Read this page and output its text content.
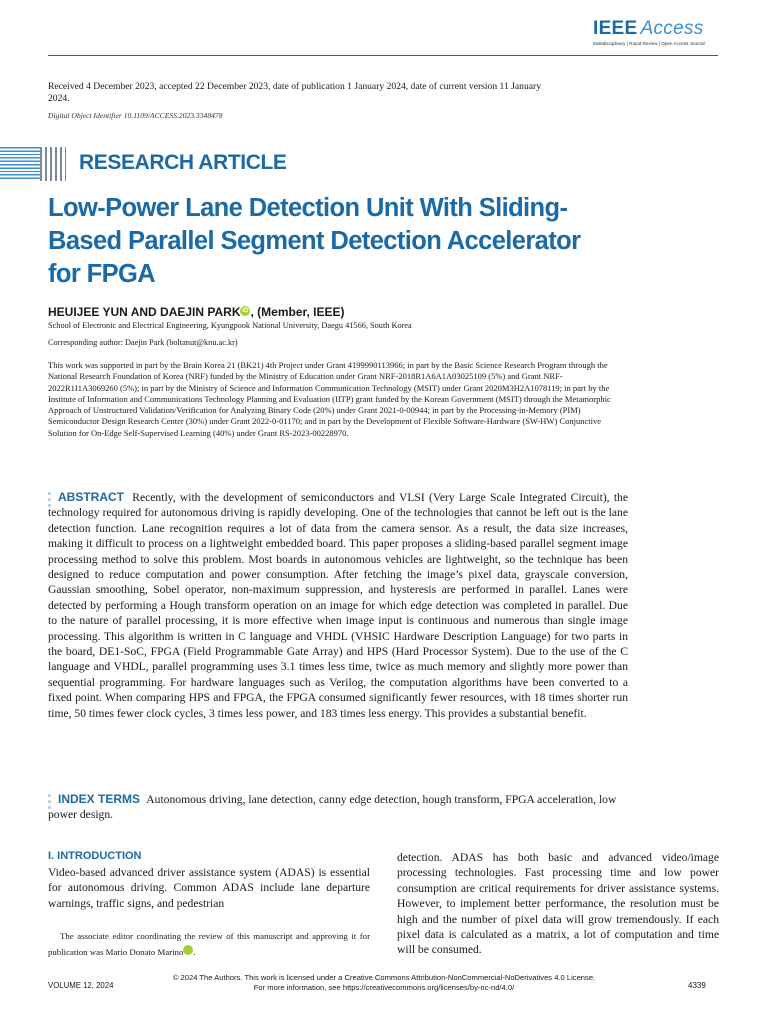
IEEE Access
Multidisciplinary | Rapid Review | Open Access Journal
Received 4 December 2023, accepted 22 December 2023, date of publication 1 January 2024, date of current version 11 January 2024.
Digital Object Identifier 10.1109/ACCESS.2023.3348478
RESEARCH ARTICLE
Low-Power Lane Detection Unit With Sliding-Based Parallel Segment Detection Accelerator for FPGA
HEUIJEE YUN AND DAEJIN PARK iD , (Member, IEEE)
School of Electronic and Electrical Engineering, Kyungpook National University, Daegu 41566, South Korea
Corresponding author: Daejin Park (boltanut@knu.ac.kr)
This work was supported in part by the Brain Korea 21 (BK21) 4th Project under Grant 4199990113966; in part by the Basic Science Research Program through the National Research Foundation of Korea (NRF) funded by the Ministry of Education under Grant NRF-2018R1A6A1A03025109 (5%) and Grant NRF-2022R1I1A3069260 (5%); in part by the Ministry of Science and Information Communication Technology (MSIT) under Grant 2020M3H2A1078119; in part by the Institute of Information and Communications Technology Planning and Evaluation (IITP) grant funded by the Korean Government (MSIT) through the Metamorphic Approach of Unstructured Validation/Verification for Analyzing Binary Code (20%) under Grant 2021-0-00944; in part by the Processing-in-Memory (PIM) Semiconductor Design Research Center (30%) under Grant 2022-0-01170; and in part by the Development of Flexible Software-Hardware (SW-HW) Conjunctive Solution for On-Edge Self-Supervised Learning (40%) under Grant RS-2023-00228970.
ABSTRACT Recently, with the development of semiconductors and VLSI (Very Large Scale Integrated Circuit), the technology required for autonomous driving is rapidly developing. One of the technologies that cannot be left out is the lane detection function. Lane recognition requires a lot of data from the camera sensor. As a result, the data size increases, making it difficult to process on a lightweight embedded board. This paper proposes a sliding-based parallel segment image processing method to solve this problem. Most boards in autonomous vehicles are lightweight, so the technique has been designed to reduce computation and power consumption. After fetching the image’s pixel data, grayscale conversion, Gaussian smoothing, Sobel operator, non-maximum suppression, and hysteresis are performed in parallel. Lanes were detected by performing a Hough transform operation on an image for which edge detection was completed in parallel. Due to the nature of parallel processing, it is more effective when image input is continuous and numerous than single image processing. This algorithm is written in C language and VHDL (VHSIC Hardware Description Language) for two parts in the board, DE1-SoC, FPGA (Field Programmable Gate Array) and HPS (Hard Processor System). Due to the use of the C language and VHDL, parallel programming uses 3.1 times less time, twice as much memory and slightly more power than sequential programming. For hardware languages such as Verilog, the computation algorithms have been converted to a fixed point. When comparing HPS and FPGA, the FPGA consumed significantly fewer resources, with 18 times shorter run time, 50 times fewer clock cycles, 3 times less power, and 183 times less energy. This provides a substantial benefit.
INDEX TERMS Autonomous driving, lane detection, canny edge detection, hough transform, FPGA acceleration, low power design.
I. INTRODUCTION
Video-based advanced driver assistance system (ADAS) is essential for autonomous driving. Common ADAS include lane departure warnings, traffic signs, and pedestrian
The associate editor coordinating the review of this manuscript and approving it for publication was Mario Donato Marino iD.
detection. ADAS has both basic and advanced video/image processing technologies. Fast processing time and low power consumption are critical requirements for driver assistance systems. However, to implement better performance, the resolution must be high and the number of pixel data will grow tremendously. If each pixel data is calculated as a matrix, a lot of computation and time will be consumed.
© 2024 The Authors. This work is licensed under a Creative Commons Attribution-NonCommercial-NoDerivatives 4.0 License.
For more information, see https://creativecommons.org/licenses/by-nc-nd/4.0/
VOLUME 12, 2024	4339
